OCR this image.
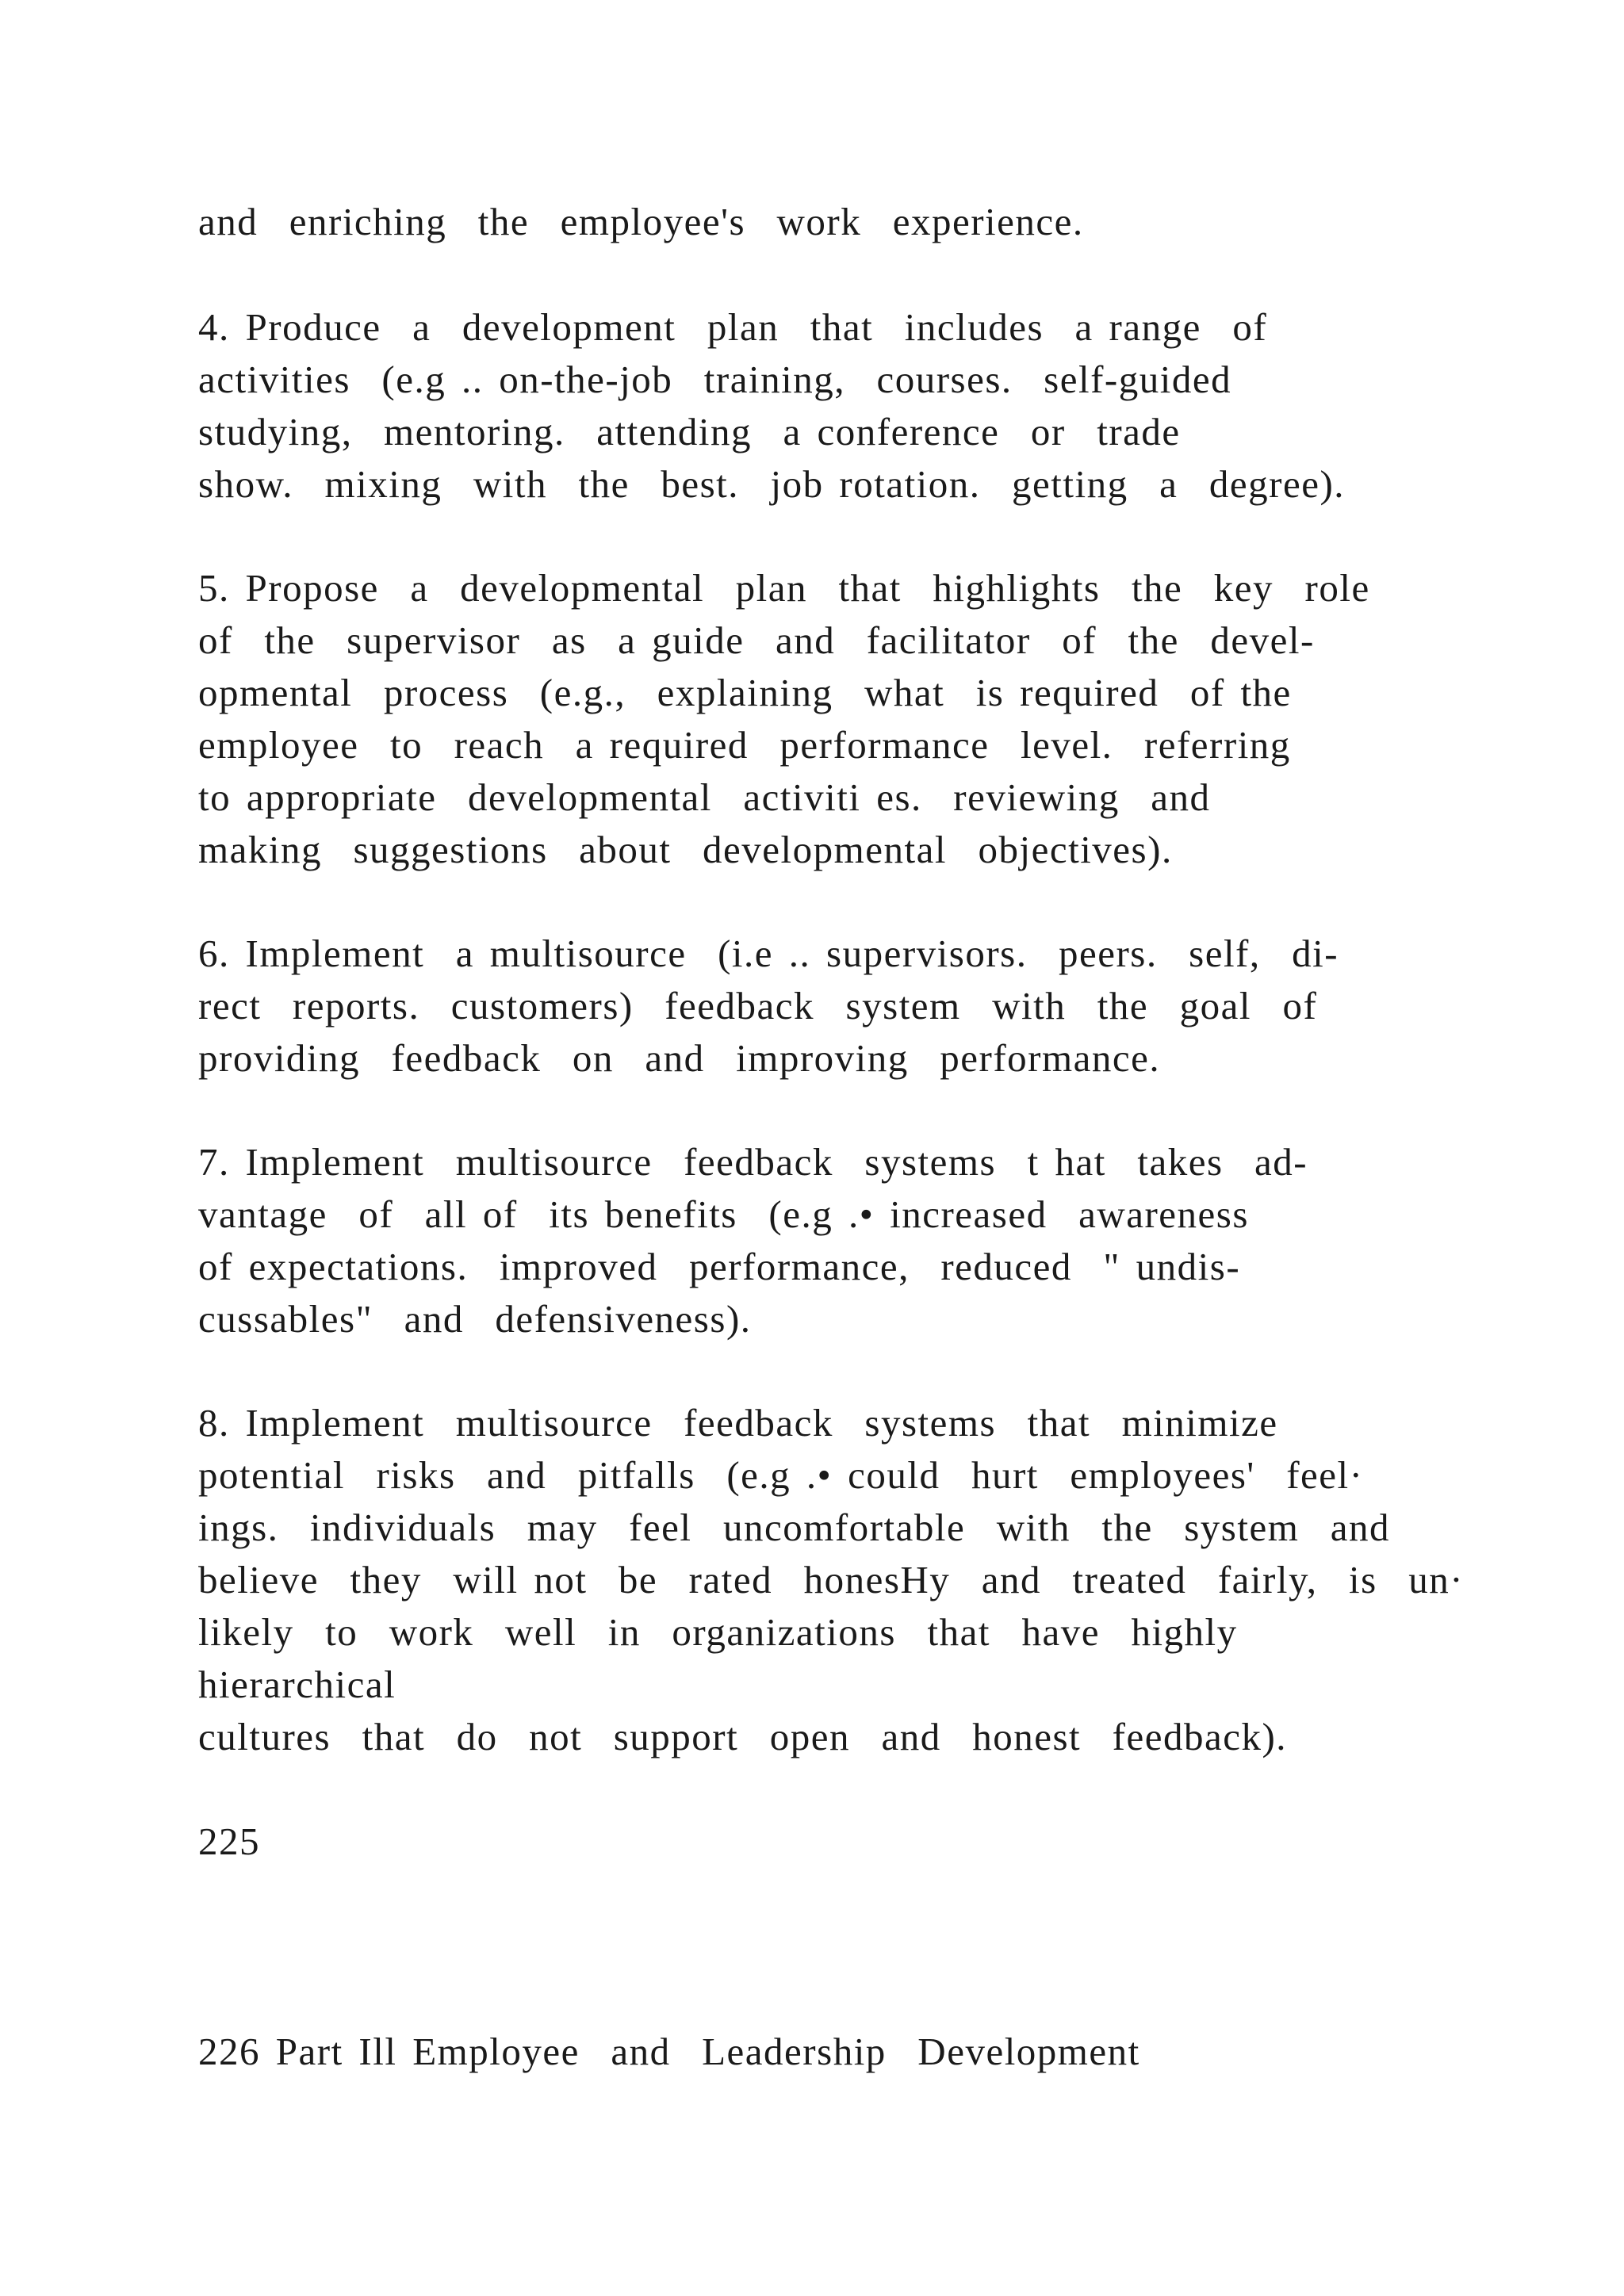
and  enriching  the  employee's  work  experience.
4. Produce  a  development  plan  that  includes  a range  of
activities  (e.g .. on-the-job  training,  courses.  self-guided
studying,  mentoring.  attending  a conference  or  trade
show.  mixing  with  the  best.  job rotation.  getting  a  degree).
5. Propose  a  developmental  plan  that  highlights  the  key  role
of  the  supervisor  as  a guide  and  facilitator  of  the  devel-
opmental  process  (e.g.,  explaining  what  is required  of the
employee  to  reach  a required  performance  level.  referring
to appropriate  developmental  activiti es.  reviewing  and
making  suggestions  about  developmental  objectives).
6. Implement  a multisource  (i.e .. supervisors.  peers.  self,  di-
rect  reports.  customers)  feedback  system  with  the  goal  of
providing  feedback  on  and  improving  performance.
7. Implement  multisource  feedback  systems  t hat  takes  ad-
vantage  of  all of  its benefits  (e.g .• increased  awareness
of expectations.  improved  performance,  reduced  " undis-
cussables"  and  defensiveness).
8. Implement  multisource  feedback  systems  that  minimize
potential  risks  and  pitfalls  (e.g .• could  hurt  employees'  feel·
ings.  individuals  may  feel  uncomfortable  with  the  system  and
believe  they  will not  be  rated  honesHy  and  treated  fairly,  is  un·
likely  to  work  well  in  organizations  that  have  highly
hierarchical
cultures  that  do  not  support  open  and  honest  feedback).
225
226 Part Ill Employee  and  Leadership  Development
